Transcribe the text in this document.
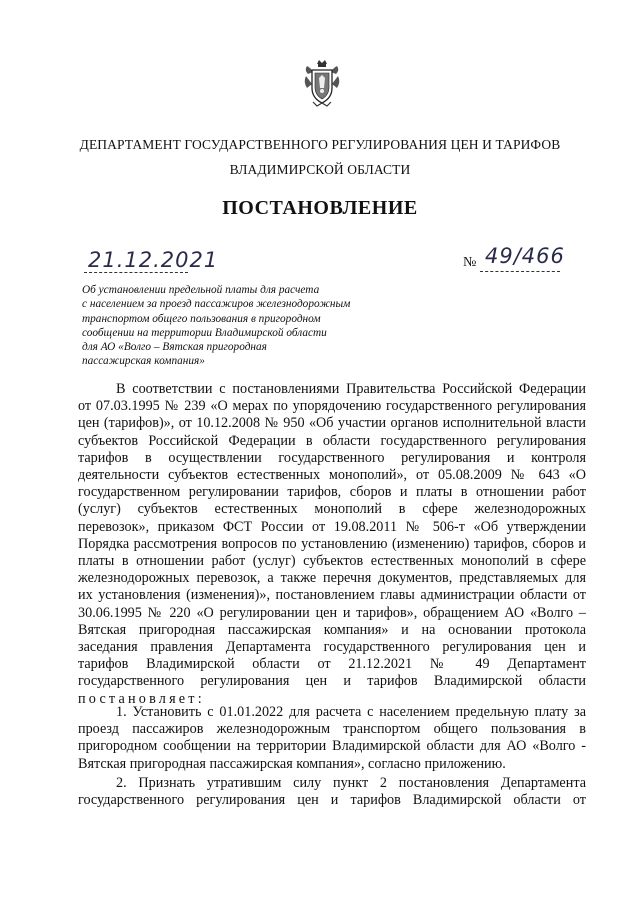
ДЕПАРТАМЕНТ ГОСУДАРСТВЕННОГО РЕГУЛИРОВАНИЯ ЦЕН И ТАРИФОВ
ВЛАДИМИРСКОЙ ОБЛАСТИ
ПОСТАНОВЛЕНИЕ
21.12.2021	№ 49/466
Об установлении предельной платы для расчета
с населением за проезд пассажиров железнодорожным
транспортом общего пользования в пригородном
сообщении на территории Владимирской области
для АО «Волго – Вятская пригородная
пассажирская компания»
В соответствии с постановлениями Правительства Российской Федерации
от 07.03.1995 № 239 «О мерах по упорядочению государственного регулирования
цен (тарифов)», от 10.12.2008 № 950 «Об участии органов исполнительной власти
субъектов Российской Федерации в области государственного регулирования
тарифов в осуществлении государственного регулирования и контроля
деятельности субъектов естественных монополий», от 05.08.2009 № 643 «О
государственном регулировании тарифов, сборов и платы в отношении работ
(услуг) субъектов естественных монополий в сфере железнодорожных
перевозок», приказом ФСТ России от 19.08.2011 № 506-т «Об утверждении
Порядка рассмотрения вопросов по установлению (изменению) тарифов, сборов и
платы в отношении работ (услуг) субъектов естественных монополий в сфере
железнодорожных перевозок, а также перечня документов, представляемых для
их установления (изменения)», постановлением главы администрации области от
30.06.1995 № 220 «О регулировании цен и тарифов», обращением АО «Волго –
Вятская пригородная пассажирская компания» и на основании протокола
заседания правления Департамента государственного регулирования цен и
тарифов Владимирской области от 21.12.2021 № 49 Департамент
государственного регулирования цен и тарифов Владимирской области
постановляет:
1. Установить с 01.01.2022 для расчета с населением предельную плату за
проезд пассажиров железнодорожным транспортом общего пользования в
пригородном сообщении на территории Владимирской области для АО «Волго -
Вятская пригородная пассажирская компания», согласно приложению.
2. Признать утратившим силу пункт 2 постановления Департамента
государственного регулирования цен и тарифов Владимирской области от
